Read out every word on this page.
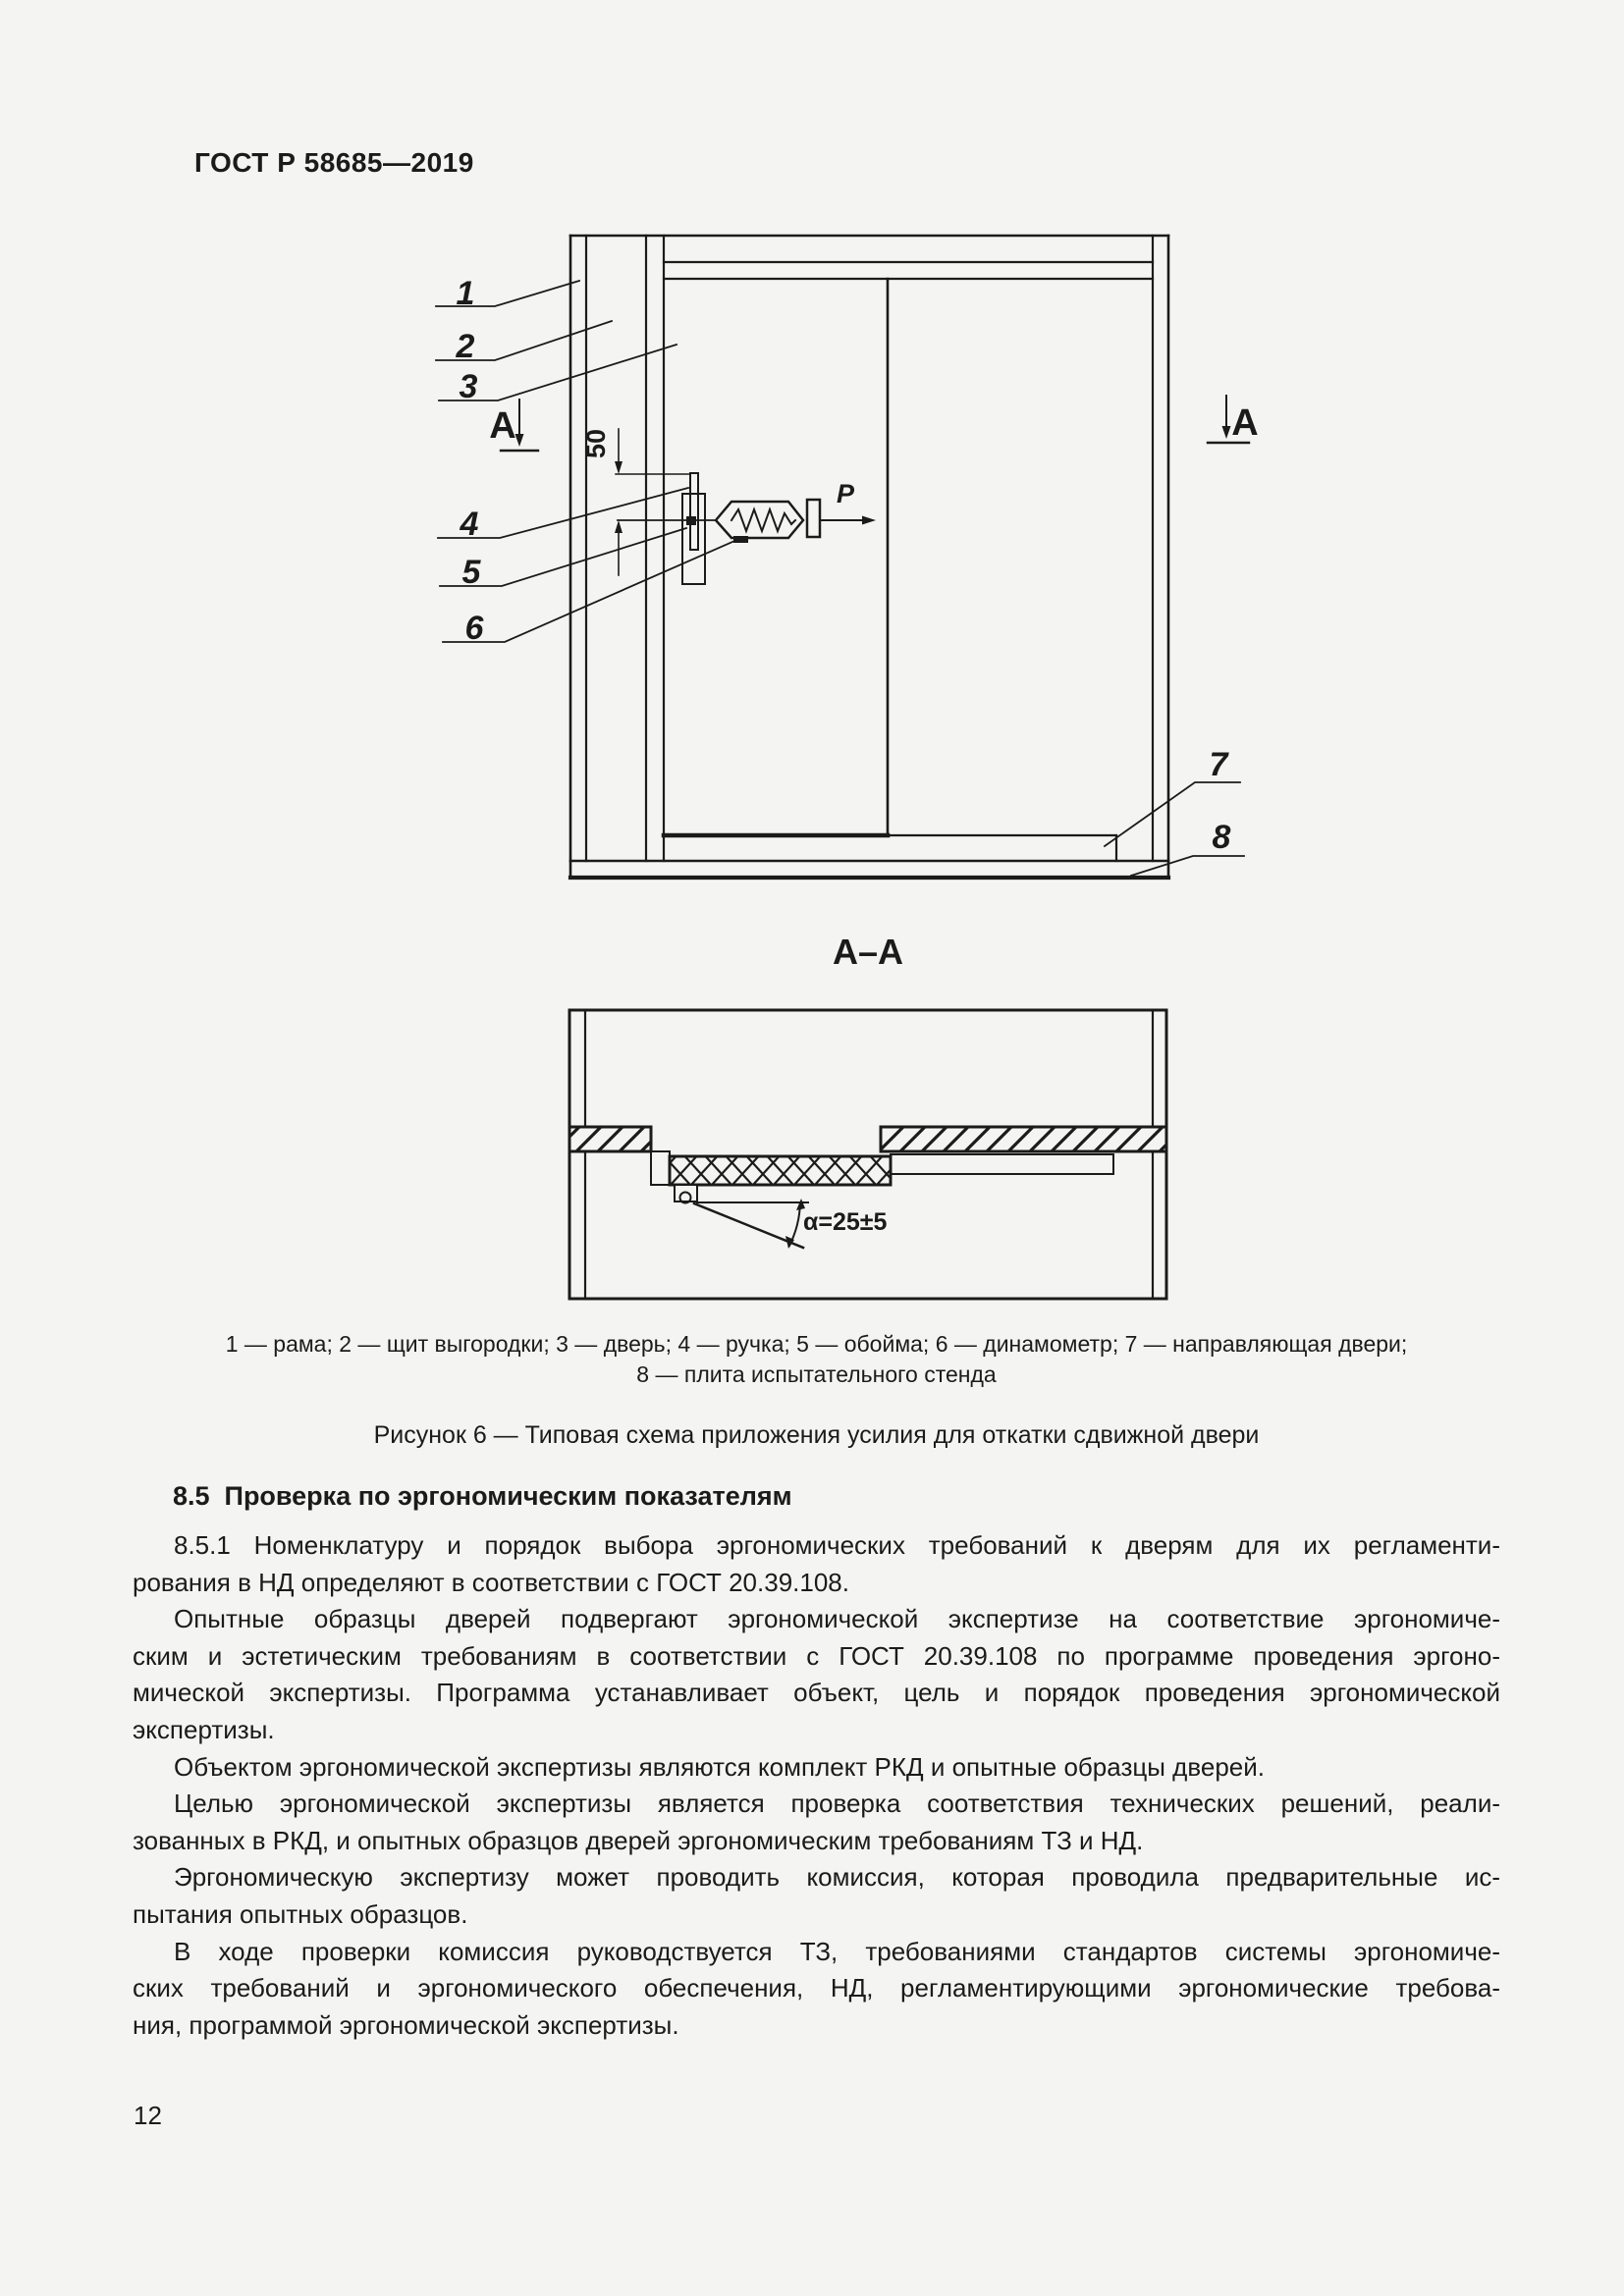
ГОСТ Р 58685—2019
P
50
1
2
3
4
5
6
7
8
А	А
А–А
α=25±5
1 — рама; 2 — щит выгородки; 3 — дверь; 4 — ручка; 5 — обойма; 6 — динамометр; 7 — направляющая двери;
8 — плита испытательного стенда
Рисунок 6 — Типовая схема приложения усилия для откатки сдвижной двери
8.5  Проверка по эргономическим показателям
8.5.1 Номенклатуру и порядок выбора эргономических требований к дверям для их регламенти-
рования в НД определяют в соответствии с ГОСТ 20.39.108.
Опытные образцы дверей подвергают эргономической экспертизе на соответствие эргономиче-
ским и эстетическим требованиям в соответствии с ГОСТ 20.39.108 по программе проведения эргоно-
мической экспертизы. Программа устанавливает объект, цель и порядок проведения эргономической
экспертизы.
Объектом эргономической экспертизы являются комплект РКД и опытные образцы дверей.
Целью эргономической экспертизы является проверка соответствия технических решений, реали-
зованных в РКД, и опытных образцов дверей эргономическим требованиям ТЗ и НД.
Эргономическую экспертизу может проводить комиссия, которая проводила предварительные ис-
пытания опытных образцов.
В ходе проверки комиссия руководствуется ТЗ, требованиями стандартов системы эргономиче-
ских требований и эргономического обеспечения, НД, регламентирующими эргономические требова-
ния, программой эргономической экспертизы.
12
